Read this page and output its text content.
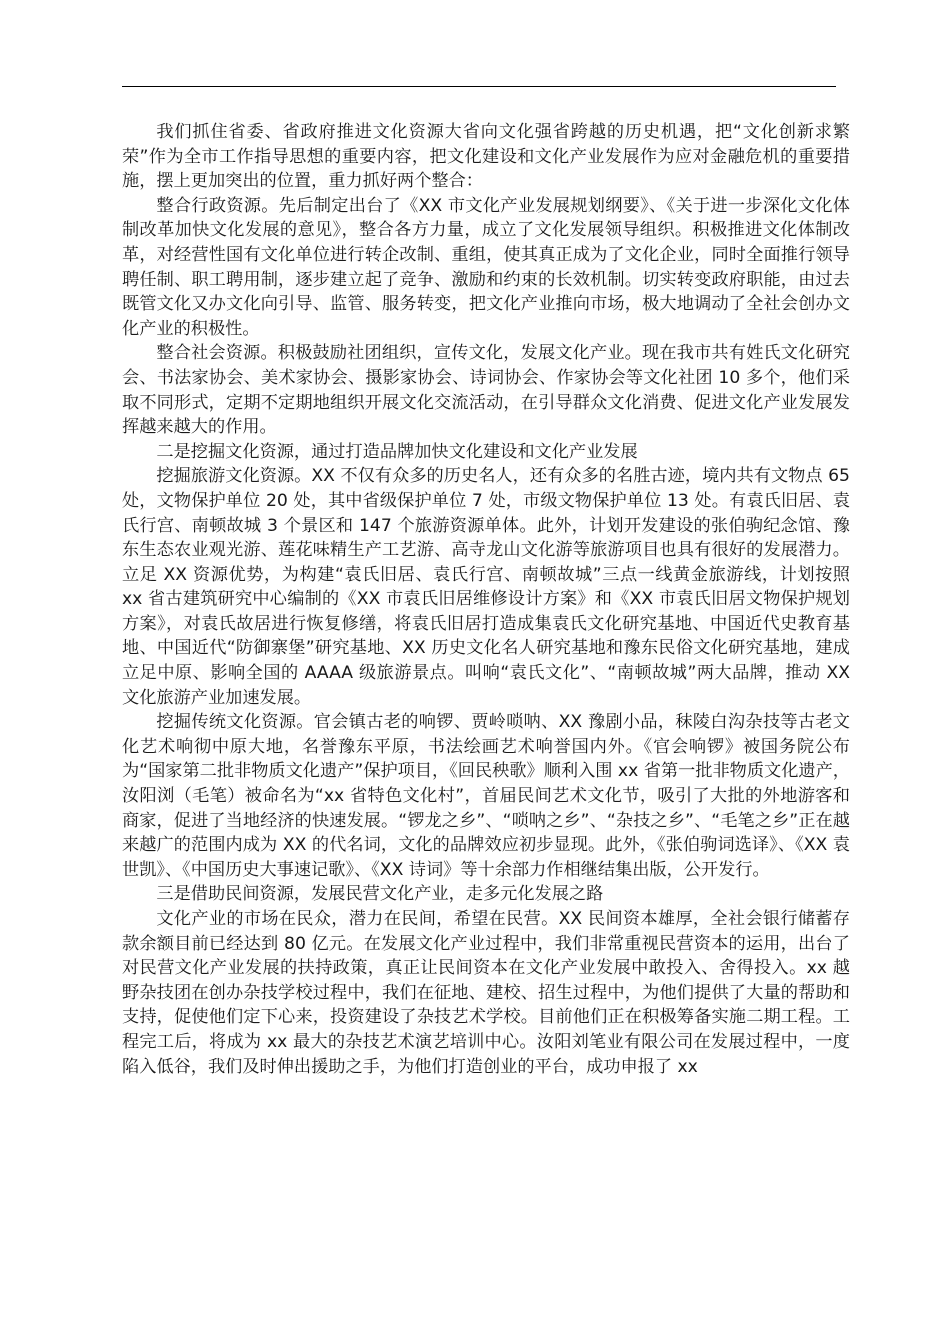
我们抓住省委、省政府推进文化资源大省向文化强省跨越的历史机遇，把“文化创新求繁荣”作为全市工作指导思想的重要内容，把文化建设和文化产业发展作为应对金融危机的重要措施，摆上更加突出的位置，重力抓好两个整合：

整合行政资源。先后制定出台了《XX 市文化产业发展规划纲要》、《关于进一步深化文化体制改革加快文化发展的意见》，整合各方力量，成立了文化发展领导组织。积极推进文化体制改革，对经营性国有文化单位进行转企改制、重组，使其真正成为了文化企业，同时全面推行领导聘任制、职工聘用制，逐步建立起了竞争、激励和约束的长效机制。切实转变政府职能，由过去既管文化又办文化向引导、监管、服务转变，把文化产业推向市场，极大地调动了全社会创办文化产业的积极性。

整合社会资源。积极鼓励社团组织，宣传文化，发展文化产业。现在我市共有姓氏文化研究会、书法家协会、美术家协会、摄影家协会、诗词协会、作家协会等文化社团 10 多个，他们采取不同形式，定期不定期地组织开展文化交流活动，在引导群众文化消费、促进文化产业发展发挥越来越大的作用。

二是挖掘文化资源，通过打造品牌加快文化建设和文化产业发展

挖掘旅游文化资源。XX 不仅有众多的历史名人，还有众多的名胜古迹，境内共有文物点 65 处，文物保护单位 20 处，其中省级保护单位 7 处，市级文物保护单位 13 处。有袁氏旧居、袁氏行宫、南顿故城 3 个景区和 147 个旅游资源单体。此外，计划开发建设的张伯驹纪念馆、豫东生态农业观光游、莲花味精生产工艺游、高寺龙山文化游等旅游项目也具有很好的发展潜力。立足 XX 资源优势，为构建“袁氏旧居、袁氏行宫、南顿故城”三点一线黄金旅游线，计划按照 xx 省古建筑研究中心编制的《XX 市袁氏旧居维修设计方案》和《XX 市袁氏旧居文物保护规划方案》，对袁氏故居进行恢复修缮，将袁氏旧居打造成集袁氏文化研究基地、中国近代史教育基地、中国近代“防御寨堡”研究基地、XX 历史文化名人研究基地和豫东民俗文化研究基地，建成立足中原、影响全国的 AAAA 级旅游景点。叫响“袁氏文化”、“南顿故城”两大品牌，推动 XX 文化旅游产业加速发展。

挖掘传统文化资源。官会镇古老的响锣、贾岭唢呐、XX 豫剧小品，秣陵白沟杂技等古老文化艺术响彻中原大地，名誉豫东平原，书法绘画艺术响誉国内外。《官会响锣》被国务院公布为“国家第二批非物质文化遗产”保护项目，《回民秧歌》顺利入围 xx 省第一批非物质文化遗产，汝阳浏（毛笔）被命名为“xx 省特色文化村”，首届民间艺术文化节，吸引了大批的外地游客和商家，促进了当地经济的快速发展。“锣龙之乡”、“唢呐之乡”、“杂技之乡”、“毛笔之乡”正在越来越广的范围内成为 XX 的代名词，文化的品牌效应初步显现。此外，《张伯驹词选译》、《XX 袁世凯》、《中国历史大事速记歌》、《XX 诗词》等十余部力作相继结集出版，公开发行。

三是借助民间资源，发展民营文化产业，走多元化发展之路

文化产业的市场在民众，潜力在民间，希望在民营。XX 民间资本雄厚，全社会银行储蓄存款余额目前已经达到 80 亿元。在发展文化产业过程中，我们非常重视民营资本的运用，出台了对民营文化产业发展的扶持政策，真正让民间资本在文化产业发展中敢投入、舍得投入。xx 越野杂技团在创办杂技学校过程中，我们在征地、建校、招生过程中，为他们提供了大量的帮助和支持，促使他们定下心来，投资建设了杂技艺术学校。目前他们正在积极筹备实施二期工程。工程完工后，将成为 xx 最大的杂技艺术演艺培训中心。汝阳刘笔业有限公司在发展过程中，一度陷入低谷，我们及时伸出援助之手，为他们打造创业的平台，成功申报了 xx
